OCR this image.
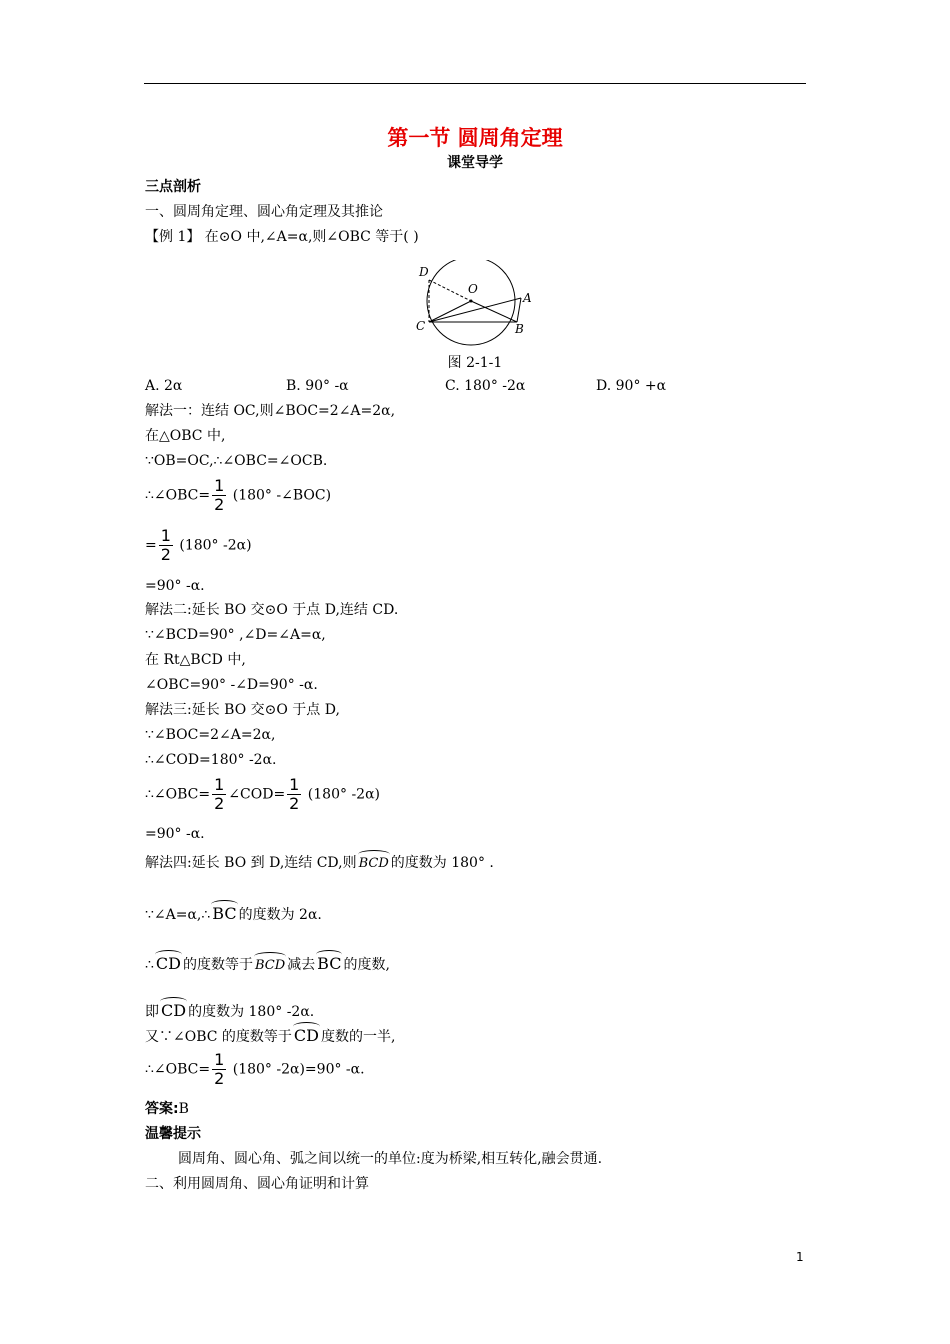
第一节 圆周角定理
课堂导学
三点剖析
一、圆周角定理、圆心角定理及其推论
【例 1】 在⊙O 中,∠A=α,则∠OBC 等于( )
D
O
A
C	B
图 2-1-1
A. 2α	B. 90° -α	C. 180° -2α	D. 90° +α
解法一：连结 OC,则∠BOC=2∠A=2α,
在△OBC 中,
∵OB=OC,∴∠OBC=∠OCB.
∴∠OBC= $\frac{1}{2} (180^\circ$ -∠BOC)
= $\frac{1}{2} (180^\circ$ -2α)
=90° -α.
解法二:延长 BO 交⊙O 于点 D,连结 CD.
∵∠BCD=90° ,∠D=∠A=α,
在 Rt△BCD 中,
∠OBC=90° -∠D=90° -α.
解法三:延长 BO 交⊙O 于点 D,
∵∠BOC=2∠A=2α,
∴∠COD=180° -2α.
∴∠OBC= $\frac{1}{2}$ ∠COD= $\frac{1}{2} (180^\circ$ -2α)
=90° -α.
解法四:延长 BO 到 D,连结 CD,则 BCD 的度数为 180° .
∵∠A=α,∴ BC 的度数为 2α.
∴ CD 的度数等于 BCD 减去 BC 的度数,
即 CD 的度数为 180° -2α.
又∵∠OBC 的度数等于 CD 度数的一半,
∴∠OBC= $\frac{1}{2} (180^\circ$ -2α)=90° -α.
答案:B
温馨提示
圆周角、圆心角、弧之间以统一的单位:度为桥梁,相互转化,融会贯通.
二、利用圆周角、圆心角证明和计算
1
